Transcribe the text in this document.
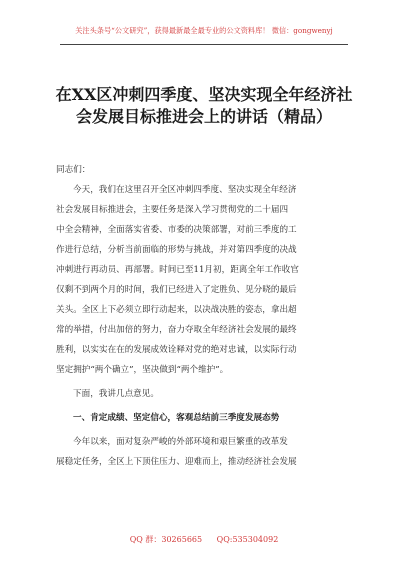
关注头条号“公文研究”，获得最新最全最专业的公文资料库！ 微信：gongwenyj
在XX区冲刺四季度、坚决实现全年经济社
会发展目标推进会上的讲话（精品）

同志们：

今天，我们在这里召开全区冲刺四季度、坚决实现全年经济
社会发展目标推进会，主要任务是深入学习贯彻党的二十届四
中全会精神，全面落实省委、市委的决策部署，对前三季度的工
作进行总结，分析当前面临的形势与挑战，并对第四季度的决战
冲刺进行再动员、再部署。时间已至11月初，距离全年工作收官
仅剩不到两个月的时间，我们已经进入了定胜负、见分晓的最后
关头。全区上下必须立即行动起来，以决战决胜的姿态，拿出超
常的举措，付出加倍的努力，奋力夺取全年经济社会发展的最终
胜利，以实实在在的发展成效诠释对党的绝对忠诚，以实际行动
坚定拥护“两个确立”，坚决做到“两个维护”。

下面，我讲几点意见。

一、肯定成绩、坚定信心，客观总结前三季度发展态势

今年以来，面对复杂严峻的外部环境和艰巨繁重的改革发
展稳定任务，全区上下顶住压力、迎难而上，推动经济社会发展

QQ 群：30265665 QQ:535304092
